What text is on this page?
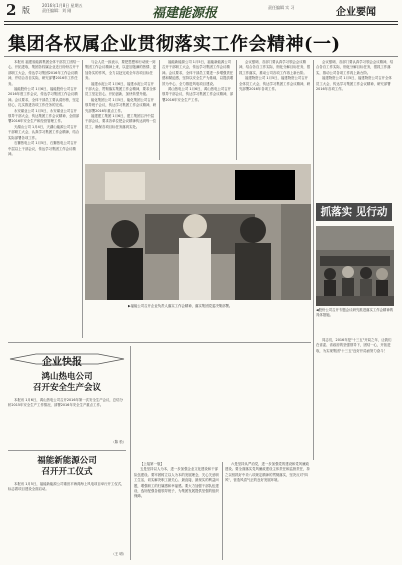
2 版
2016年1月8日 星期五
责任编辑：刘 刚	福建能源报	责任编辑 实 习	企业要闻
集团各权属企业贯彻落实工作会精神(一)

本报讯 福建省能源集团全体干部员工团结一心，开拓进取，集团各权属企业近日纷纷召开干部职工大会，传达学习集团2016年工作会议精神，并结合各自实际，研究部署2016年工作任务。

福能股份公司 1月6日，福能股份公司召开2016年度工作会议，传达学习集团工作会议精神。会议要求，全体干部员工要认清形势，坚定信心，扎实推进各项工作任务的完成。

永安煤业公司 1月5日，永安煤业公司召开领导干部大会，传达集团工作会议精神，全面部署2016年安全生产和经营管理工作。

天湖山公司 1月4日，天湖山能源公司召开干部职工大会，认真学习集团工作会精神，结合实际部署各项工作。

石狮热电公司 1月5日，石狮热电公司召开中层以上干部会议，传达学习集团工作会议精神。

与会人员一致表示，要把思想和行动统一到集团工作会议精神上来，以更加饱满的热情、更加务实的作风，全力以赴完成全年各项目标任务。

福建水泥公司 1月6日，福建水泥公司召开干部大会，贯彻落实集团工作会精神，要求全体员工坚定信心，开拓创新，加快转型升级。

能化集团公司 1月5日，能化集团公司召开领导班子会议，传达学习集团工作会议精神，研究部署2016年重点工作。

福建建工集团 1月6日，建工集团召开中层干部会议，要求各单位把会议精神传达到每一位员工，确保各项目标任务落到实处。

福能新能源公司 1月5日，福能新能源公司召开干部职工大会，传达学习集团工作会议精神。会议要求，全体干部员工要进一步增强责任感和紧迫感，坚持以安全生产为基础，以提质增效为中心，全力推进风电项目建设。

鸿山热电公司 1月6日，鸿山热电公司召开领导干部会议，传达学习集团工作会议精神，部署2016年安全生产工作。

会议强调，各部门要认真学习领会会议精神，结合各自工作实际，细化分解目标任务，狠抓工作落实，推动公司各项工作再上新台阶。

福建物资公司 1月5日，福建物资公司召开全体员工大会，传达学习集团工作会议精神，研究部署2016年各项工作。

会议强调，各部门要认真学习领会会议精神，结合各自工作实际，细化分解目标任务，狠抓工作落实，推动公司各项工作再上新台阶。

福建物资公司 1月5日，福建物资公司召开全体员工大会，传达学习集团工作会议精神，研究部署2016年各项工作。

抓落实 见行动
◀股份公司召开专题会议研究推进落实工作会精神的具体措施。
▶福能公司召开企业负责人落实工作会精神，落实集团党委决策部署。
企业快报
鸿山热电公司
召开安全生产会议

本报讯 1月6日，鸿山热电公司召开2016年第一次安全生产会议，总结分析2015年安全生产工作情况，部署2016年安全生产重点工作。

（陈 松）
福能新能源公司
召开开工仪式

本报讯 1月5日，福能新能源公司莆田平海湾海上风电项目举行开工仪式，标志着项目建设全面启动。

（王 明）

【上接第一版】

五是坚持以人为本，进一步加强企业文化建设和干部队伍建设。要牢固树立以人为本的发展理念，关心关爱职工生活，切实解决职工最关心、最直接、最现实的利益问题，增强职工的归属感和幸福感。要大力加强干部队伍建设，选好配强各级领导班子，为集团发展提供坚强的组织保障。

六是坚持从严治党，进一步加强党的建设和党风廉政建设。要全面落实党风廉政建设主体责任和监督责任，持之以恒抓好中央八项规定精神的贯彻落实，坚决反对"四风"，营造风清气正的良好发展环境。

同志们，2016年是"十三五"开局之年，让我们在省委、省政府的坚强领导下，团结一心，开拓进取，为实现集团"十三五"良好开局而努力奋斗！
